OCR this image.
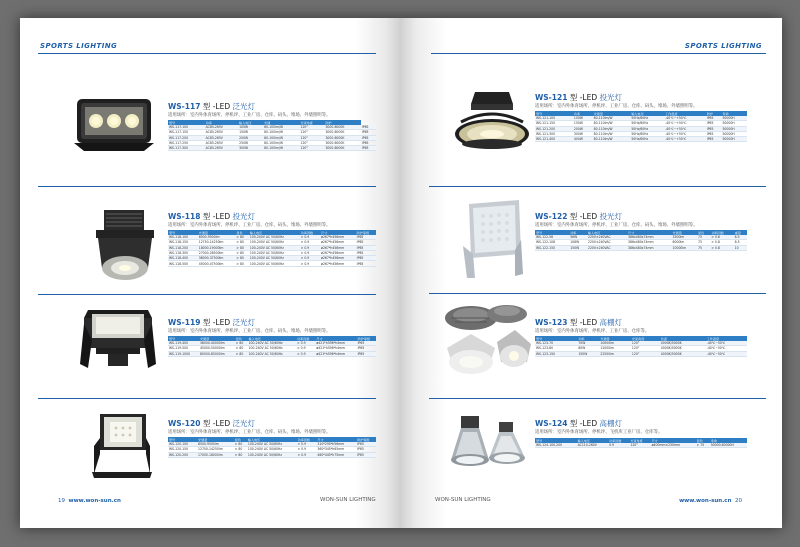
SPORTS LIGHTING
WS-117 型 -LED 泛光灯
适用场所：室内外体育场所、停机坪、工业厂房、仓库、码头、堆场、外墙照明等。
型号	功率	输入电压	光通	光束角度	防护	
WS-117-100	AC85-265V	100W	80-100lm/W	120°	3000-6000K	IP65
WS-117-150	AC85-265V	150W	80-100lm/W	120°	3000-6000K	IP65
WS-117-200	AC85-265V	200W	80-100lm/W	120°	3000-6000K	IP65
WS-117-250	AC85-265V	250W	80-100lm/W	120°	3000-6000K	IP65
WS-117-300	AC85-265V	300W	80-100lm/W	120°	3000-6000K	IP65
WS-118 型 -LED 投光灯
适用场所：室内外体育场所、停机坪、工业厂房、仓库、码头、堆场、外墙照明等。
型号	光通量	显色	输入电压	功率因数	尺寸	防护等级
WS-118-100	8500-9500lm	> 80	100-240V AC 50/60Hz	> 0.9	ø267*h456mm	IP65
WS-118-150	12750-14250lm	> 80	100-240V AC 50/60Hz	> 0.9	ø267*h456mm	IP65
WS-118-200	18000-19000lm	> 80	100-240V AC 50/60Hz	> 0.9	ø267*h456mm	IP65
WS-118-300	27000-28500lm	> 80	100-240V AC 50/60Hz	> 0.9	ø267*h456mm	IP65
WS-118-400	36000-37500lm	> 80	100-240V AC 50/60Hz	> 0.9	ø267*h456mm	IP65
WS-118-500	45000-47500lm	> 80	100-240V AC 50/60Hz	> 0.9	ø267*h456mm	IP65
WS-119 型 -LED 泛光灯
适用场所：室内外体育场所、停机坪、工业厂房、仓库、码头、堆场、外墙照明等。
型号	光通量	显色	输入电压	功率因数	尺寸	防护等级
WS-119-400	36000-40000lm	> 80	100-240V AC 50/60Hz	> 0.9	ø421*h396*h4mm	IP65
WS-119-500	45000-50000lm	> 80	100-240V AC 50/60Hz	> 0.9	ø421*h396*h4mm	IP65
WS-119-1000	80000-85000lm	> 80	100-240V AC 50/60Hz	> 0.9	ø421*h396*h4mm	IP65
WS-120 型 -LED 泛光灯
适用场所：室内外体育场所、停机坪、工业厂房、仓库、码头、堆场、外墙照明等。
型号	光通量	显色	输入电压	功率因数	尺寸	防护等级
WS-120-100	8500-9500lm	> 80	100-240V AC 50/60Hz	> 0.9	310*295*h56mm	IP65
WS-120-150	12750-14250lm	> 80	100-240V AC 50/60Hz	> 0.9	360*345*h65mm	IP65
WS-120-200	17000-18000lm	> 80	100-240V AC 50/60Hz	> 0.9	460*445*h75mm	IP65
19 www.won-sun.cn	WON-SUN LIGHTING
SPORTS LIGHTING
WS-121 型 -LED 投光灯
适用场所：室内外体育场所、停机坪、工业厂房、仓库、码头、堆场、外墙照明等。
型号	功率	光通量	输入电压	工作温度	防护	寿命
WS-121-100	100W	80-110lm/W	50Hz/60Hz	-40℃~+50℃	IP65	50000H
WS-121-150	150W	80-110lm/W	50Hz/60Hz	-40℃~+50℃	IP65	50000H
WS-121-200	200W	80-110lm/W	50Hz/60Hz	-40℃~+50℃	IP65	50000H
WS-121-300	300W	80-110lm/W	50Hz/60Hz	-40℃~+50℃	IP65	50000H
WS-121-400	400W	80-110lm/W	50Hz/60Hz	-40℃~+50℃	IP65	50000H
WS-122 型 -LED 投光灯
适用场所：室内外体育场所、停机坪、工业厂房、仓库、码头、堆场、外墙照明等。
型号	功率	输入电压	尺寸	光通量	显色	功率因数	重量
WS-122-56	56W	220V±240VAC	386x480x74mm	3300lm	75	> 0.8	6.5
WS-122-108	108W	220V±240VAC	386x480x74mm	6000lm	75	> 0.8	8.5
WS-122-150	150W	220V±240VAC	386x480x74mm	10000lm	75	> 0.8	10
WS-123 型 -LED 高棚灯
适用场所：室内外体育场所、停机坪、工业厂房、仓库等。
型号	功率	光通量	光束角度	色温	工作温度
WS-123-70	70W	10000lm	120°	4000K/5000K	-40℃~50℃
WS-123-80	80W	12000lm	120°	4000K/5000K	-40℃~50℃
WS-123-150	150W	22500lm	120°	4000K/5000K	-40℃~50℃
WS-124 型 -LED 高棚灯
适用场所：室内外体育场所、停机坪、飞机库工业厂房、仓库等。
型号	输入电压	功率因数	光束角度	尺寸	显色	寿命
WS-124-100-200	AC110-260V	0.9	120°	ø400mm×230mm	> 75	50000-60000H
WON-SUN LIGHTING	www.won-sun.cn 20
